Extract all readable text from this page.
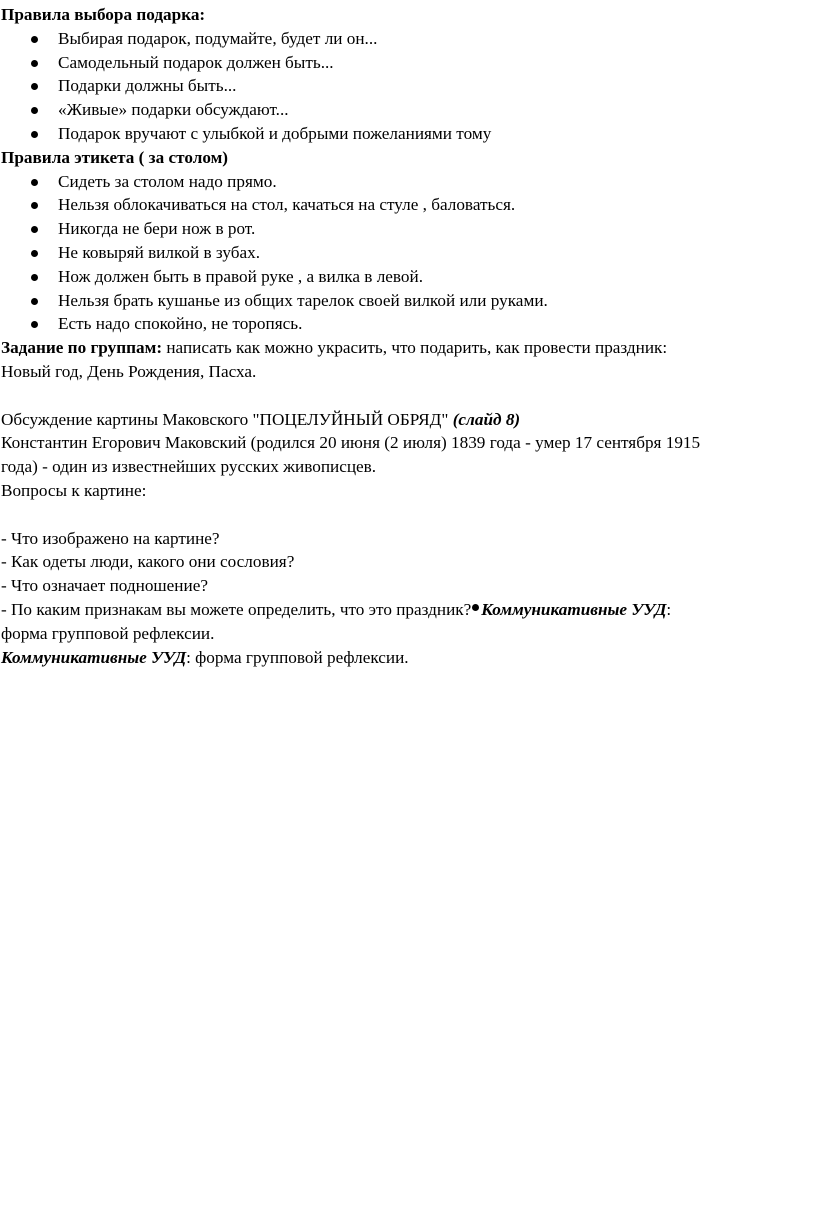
Правила выбора подарка:

Выбирая подарок, подумайте, будет ли он...
Самодельный подарок должен быть...
Подарки должны быть...
«Живые» подарки обсуждают...
Подарок вручают с улыбкой и добрыми пожеланиями тому

Правила этикета ( за столом)

Сидеть за столом надо прямо.
Нельзя облокачиваться на стол, качаться на стуле , баловаться.
Никогда не бери нож в рот.
Не ковыряй вилкой в зубах.
Нож должен быть в правой руке , а вилка в левой.
Нельзя брать кушанье из общих тарелок своей вилкой или руками.
Есть надо спокойно, не торопясь.

Задание по группам: написать как можно украсить, что подарить, как провести праздник:

Новый год, День Рождения, Пасха.

Обсуждение картины Маковского "ПОЦЕЛУЙНЫЙ ОБРЯД" (слайд 8)

Константин Егорович Маковский (родился 20 июня (2 июля) 1839 года - умер 17 сентября 1915

года) - один из известнейших русских живописцев.

Вопросы к картине:

- Что изображено на картине?

- Как одеты люди, какого они сословия?

- Что означает подношение?

- По каким признакам вы можете определить, что это праздник? Коммуникативные УУД:

форма групповой рефлексии.

Коммуникативные УУД: форма групповой рефлексии.
